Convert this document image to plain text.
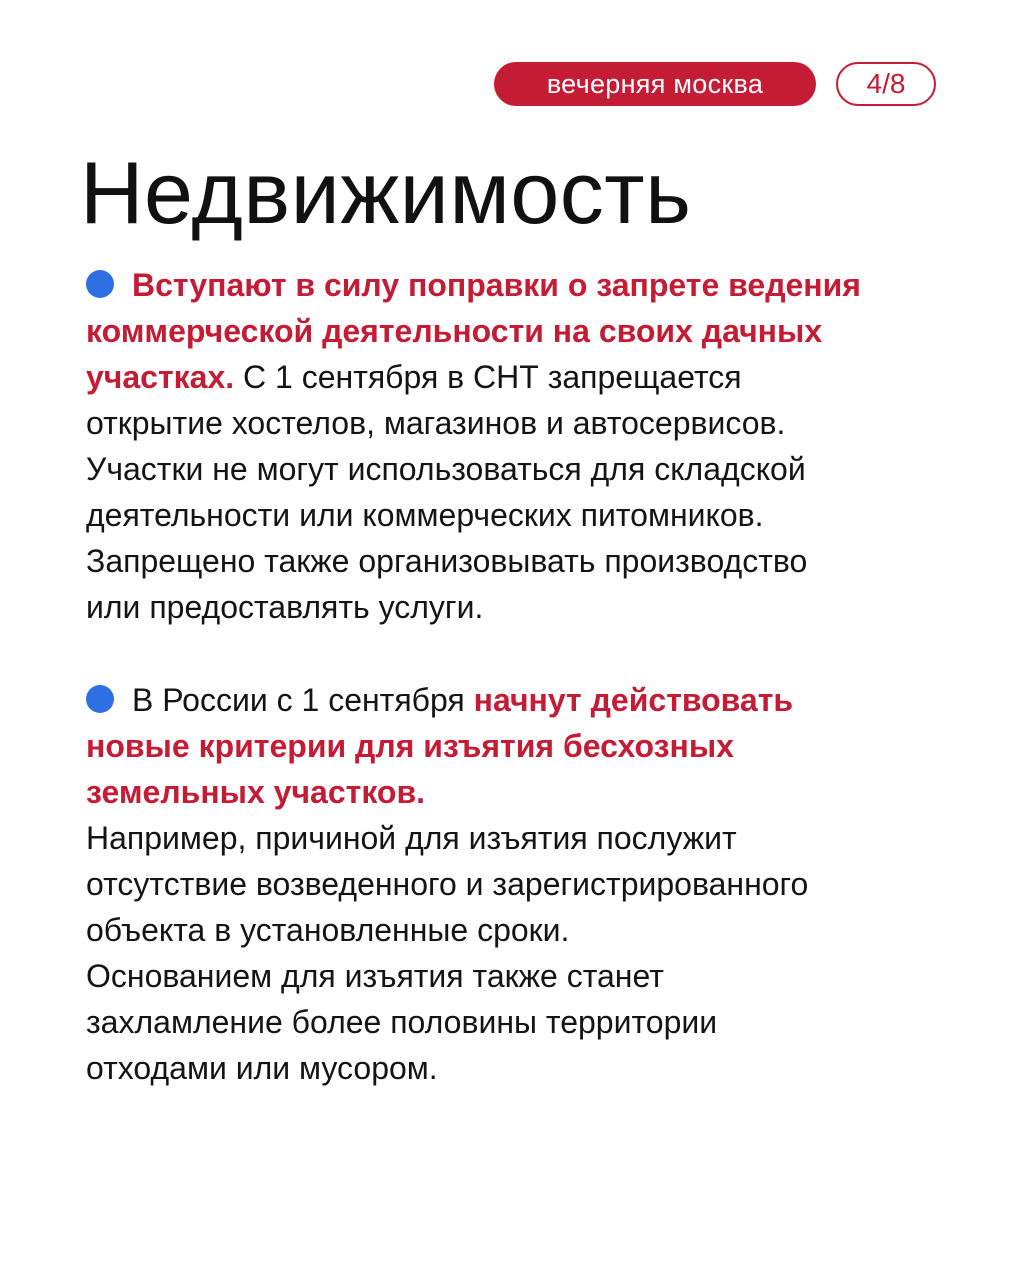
вечерняя москва	4/8
Недвижимость
Вступают в силу поправки о запрете ведения
коммерческой деятельности на своих дачных
участках. С 1 сентября в СНТ запрещается
открытие хостелов, магазинов и автосервисов.
Участки не могут использоваться для складской
деятельности или коммерческих питомников.
Запрещено также организовывать производство
или предоставлять услуги.
В России с 1 сентября начнут действовать
новые критерии для изъятия бесхозных
земельных участков.
Например, причиной для изъятия послужит
отсутствие возведенного и зарегистрированного
объекта в установленные сроки.
Основанием для изъятия также станет
захламление более половины территории
отходами или мусором.
